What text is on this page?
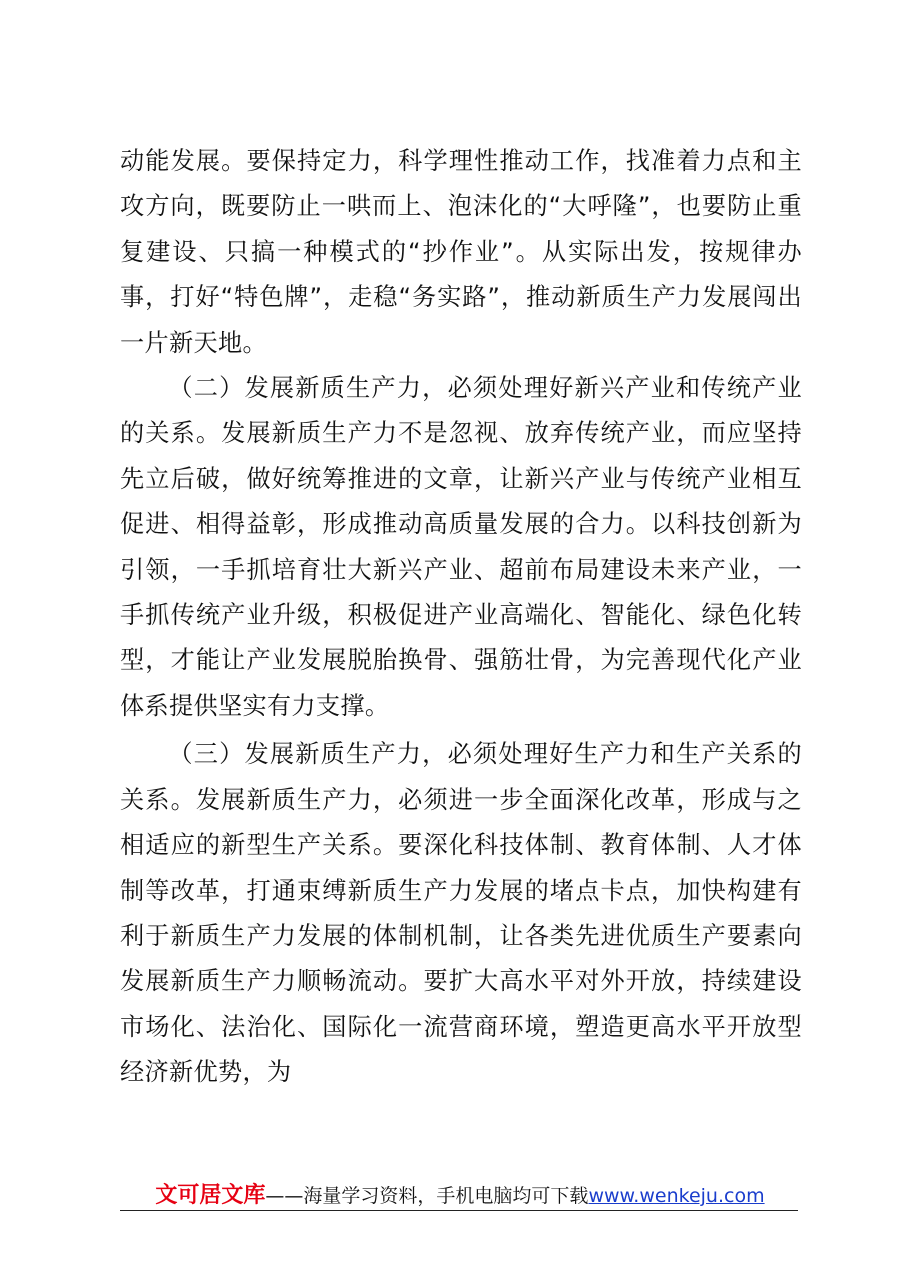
动能发展。要保持定力，科学理性推动工作，找准着力点和主攻方向，既要防止一哄而上、泡沫化的“大呼隆”，也要防止重复建设、只搞一种模式的“抄作业”。从实际出发，按规律办事，打好“特色牌”，走稳“务实路”，推动新质生产力发展闯出一片新天地。

（二）发展新质生产力，必须处理好新兴产业和传统产业的关系。发展新质生产力不是忽视、放弃传统产业，而应坚持先立后破，做好统筹推进的文章，让新兴产业与传统产业相互促进、相得益彰，形成推动高质量发展的合力。以科技创新为引领，一手抓培育壮大新兴产业、超前布局建设未来产业，一手抓传统产业升级，积极促进产业高端化、智能化、绿色化转型，才能让产业发展脱胎换骨、强筋壮骨，为完善现代化产业体系提供坚实有力支撑。

（三）发展新质生产力，必须处理好生产力和生产关系的关系。发展新质生产力，必须进一步全面深化改革，形成与之相适应的新型生产关系。要深化科技体制、教育体制、人才体制等改革，打通束缚新质生产力发展的堵点卡点，加快构建有利于新质生产力发展的体制机制，让各类先进优质生产要素向发展新质生产力顺畅流动。要扩大高水平对外开放，持续建设市场化、法治化、国际化一流营商环境，塑造更高水平开放型经济新优势，为

文可居文库——海量学习资料，手机电脑均可下载www.wenkeju.com
